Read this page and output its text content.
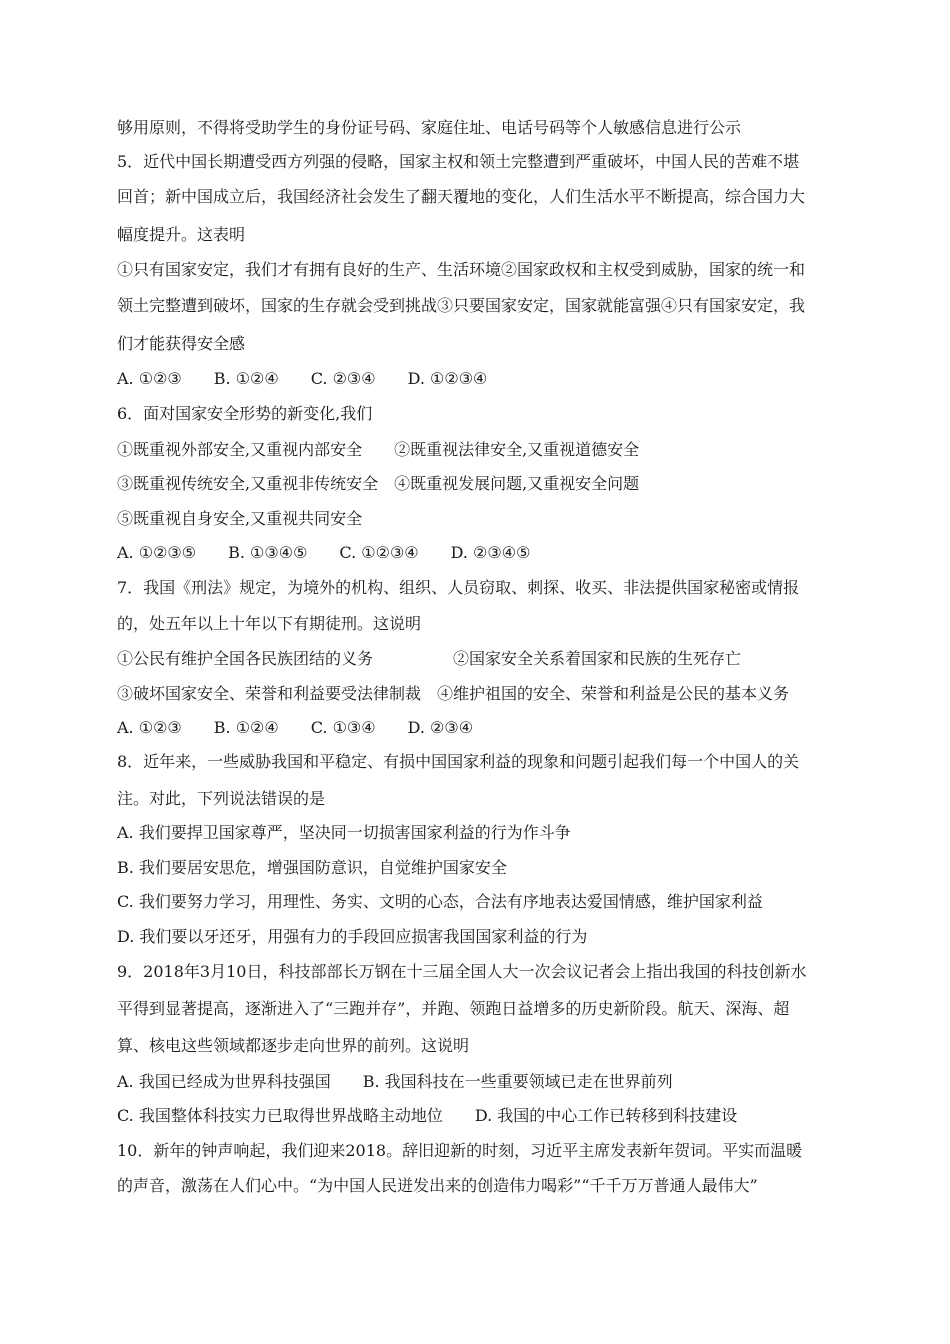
够用原则，不得将受助学生的身份证号码、家庭住址、电话号码等个人敏感信息进行公示
5．近代中国长期遭受西方列强的侵略，国家主权和领土完整遭到严重破坏，中国人民的苦难不堪
回首；新中国成立后，我国经济社会发生了翻天覆地的变化，人们生活水平不断提高，综合国力大
幅度提升。这表明
①只有国家安定，我们才有拥有良好的生产、生活环境②国家政权和主权受到威胁，国家的统一和
领土完整遭到破坏，国家的生存就会受到挑战③只要国家安定，国家就能富强④只有国家安定，我
们才能获得安全感
A. ①②③　　B. ①②④　　C. ②③④　　D. ①②③④
6．面对国家安全形势的新变化,我们
①既重视外部安全,又重视内部安全　　②既重视法律安全,又重视道德安全
③既重视传统安全,又重视非传统安全　④既重视发展问题,又重视安全问题
⑤既重视自身安全,又重视共同安全
A. ①②③⑤　　B. ①③④⑤　　C. ①②③④　　D. ②③④⑤
7．我国《刑法》规定，为境外的机构、组织、人员窃取、刺探、收买、非法提供国家秘密或情报
的，处五年以上十年以下有期徒刑。这说明
①公民有维护全国各民族团结的义务　　　　　②国家安全关系着国家和民族的生死存亡
③破坏国家安全、荣誉和利益要受法律制裁　④维护祖国的安全、荣誉和利益是公民的基本义务
A. ①②③　　B. ①②④　　C. ①③④　　D. ②③④
8．近年来，一些威胁我国和平稳定、有损中国国家利益的现象和问题引起我们每一个中国人的关
注。对此，下列说法错误的是
A. 我们要捍卫国家尊严，坚决同一切损害国家利益的行为作斗争
B. 我们要居安思危，增强国防意识，自觉维护国家安全
C. 我们要努力学习，用理性、务实、文明的心态，合法有序地表达爱国情感，维护国家利益
D. 我们要以牙还牙，用强有力的手段回应损害我国国家利益的行为
9．2018年3月10日，科技部部长万钢在十三届全国人大一次会议记者会上指出我国的科技创新水
平得到显著提高，逐渐进入了“三跑并存”，并跑、领跑日益增多的历史新阶段。航天、深海、超
算、核电这些领域都逐步走向世界的前列。这说明
A. 我国已经成为世界科技强国　　B. 我国科技在一些重要领域已走在世界前列
C. 我国整体科技实力已取得世界战略主动地位　　D. 我国的中心工作已转移到科技建设
10．新年的钟声响起，我们迎来2018。辞旧迎新的时刻，习近平主席发表新年贺词。平实而温暖
的声音，激荡在人们心中。“为中国人民迸发出来的创造伟力喝彩”“千千万万普通人最伟大”
